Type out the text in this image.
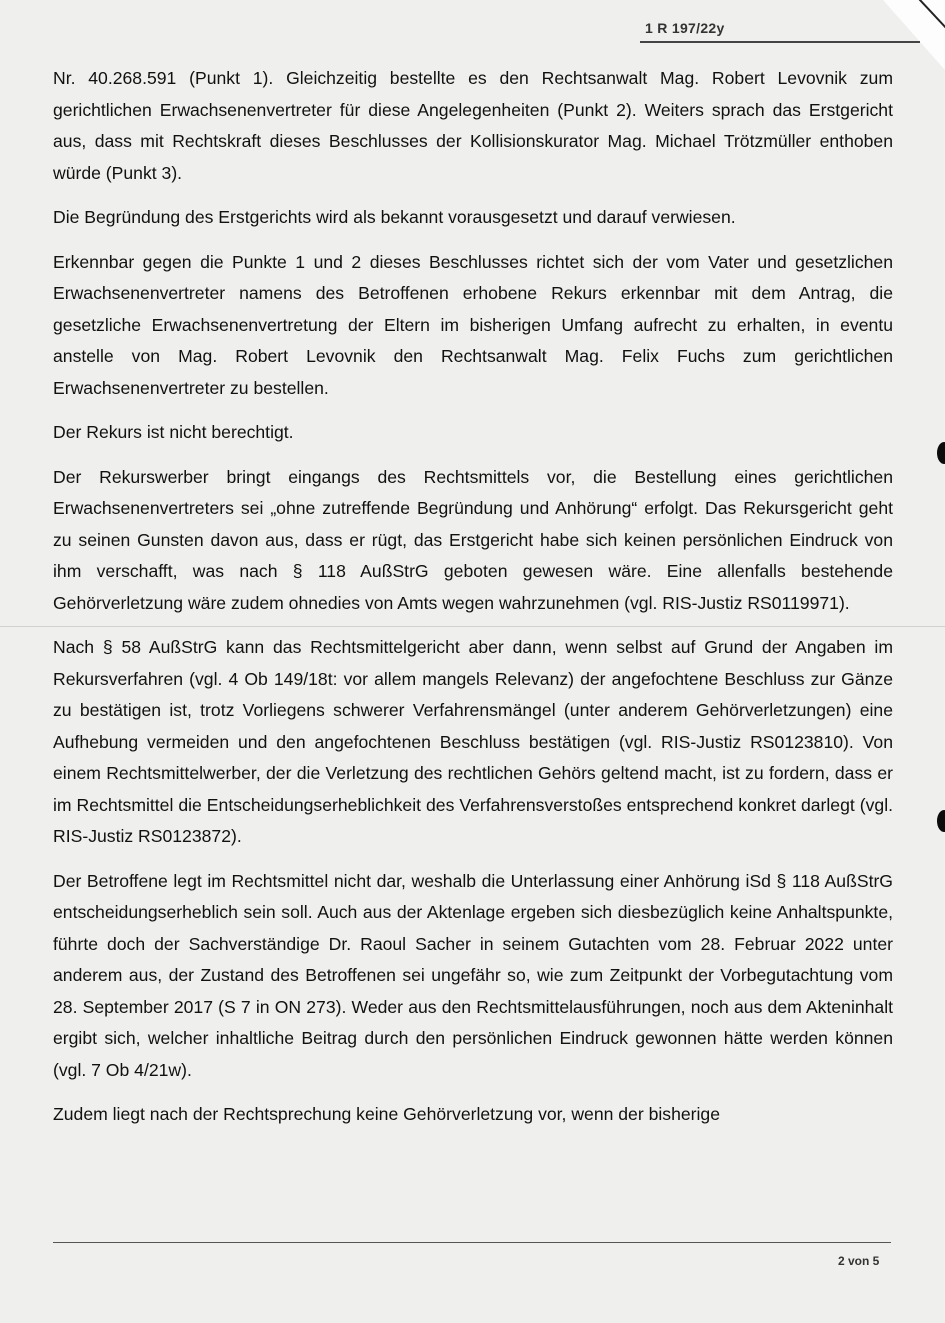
1 R 197/22y

Nr. 40.268.591 (Punkt 1). Gleichzeitig bestellte es den Rechtsanwalt Mag. Robert Levovnik zum gerichtlichen Erwachsenenvertreter für diese Angelegenheiten (Punkt 2). Weiters sprach das Erstgericht aus, dass mit Rechtskraft dieses Beschlusses der Kollisionskurator Mag. Michael Trötzmüller enthoben würde (Punkt 3).

Die Begründung des Erstgerichts wird als bekannt vorausgesetzt und darauf verwiesen.

Erkennbar gegen die Punkte 1 und 2 dieses Beschlusses richtet sich der vom Vater und gesetzlichen Erwachsenenvertreter namens des Betroffenen erhobene Rekurs erkennbar mit dem Antrag, die gesetzliche Erwachsenenvertretung der Eltern im bisherigen Umfang aufrecht zu erhalten, in eventu anstelle von Mag. Robert Levovnik den Rechtsanwalt Mag. Felix Fuchs zum gerichtlichen Erwachsenenvertreter zu bestellen.

Der Rekurs ist nicht berechtigt.

Der Rekurswerber bringt eingangs des Rechtsmittels vor, die Bestellung eines gerichtlichen Erwachsenenvertreters sei „ohne zutreffende Begründung und Anhörung“ erfolgt. Das Rekursgericht geht zu seinen Gunsten davon aus, dass er rügt, das Erstgericht habe sich keinen persönlichen Eindruck von ihm verschafft, was nach § 118 AußStrG geboten gewesen wäre. Eine allenfalls bestehende Gehörverletzung wäre zudem ohnedies von Amts wegen wahrzunehmen (vgl. RIS-Justiz RS0119971).

Nach § 58 AußStrG kann das Rechtsmittelgericht aber dann, wenn selbst auf Grund der Angaben im Rekursverfahren (vgl. 4 Ob 149/18t: vor allem mangels Relevanz) der angefochtene Beschluss zur Gänze zu bestätigen ist, trotz Vorliegens schwerer Verfahrensmängel (unter anderem Gehörverletzungen) eine Aufhebung vermeiden und den angefochtenen Beschluss bestätigen (vgl. RIS-Justiz RS0123810). Von einem Rechtsmittelwerber, der die Verletzung des rechtlichen Gehörs geltend macht, ist zu fordern, dass er im Rechtsmittel die Entscheidungserheblichkeit des Verfahrensverstoßes entsprechend konkret darlegt (vgl. RIS-Justiz RS0123872).

Der Betroffene legt im Rechtsmittel nicht dar, weshalb die Unterlassung einer Anhörung iSd § 118 AußStrG entscheidungserheblich sein soll. Auch aus der Aktenlage ergeben sich diesbezüglich keine Anhaltspunkte, führte doch der Sachverständige Dr. Raoul Sacher in seinem Gutachten vom 28. Februar 2022 unter anderem aus, der Zustand des Betroffenen sei ungefähr so, wie zum Zeitpunkt der Vorbegutachtung vom 28. September 2017 (S 7 in ON 273). Weder aus den Rechtsmittelausführungen, noch aus dem Akteninhalt ergibt sich, welcher inhaltliche Beitrag durch den persönlichen Eindruck gewonnen hätte werden können (vgl. 7 Ob 4/21w).

Zudem liegt nach der Rechtsprechung keine Gehörverletzung vor, wenn der bisherige

2 von 5
